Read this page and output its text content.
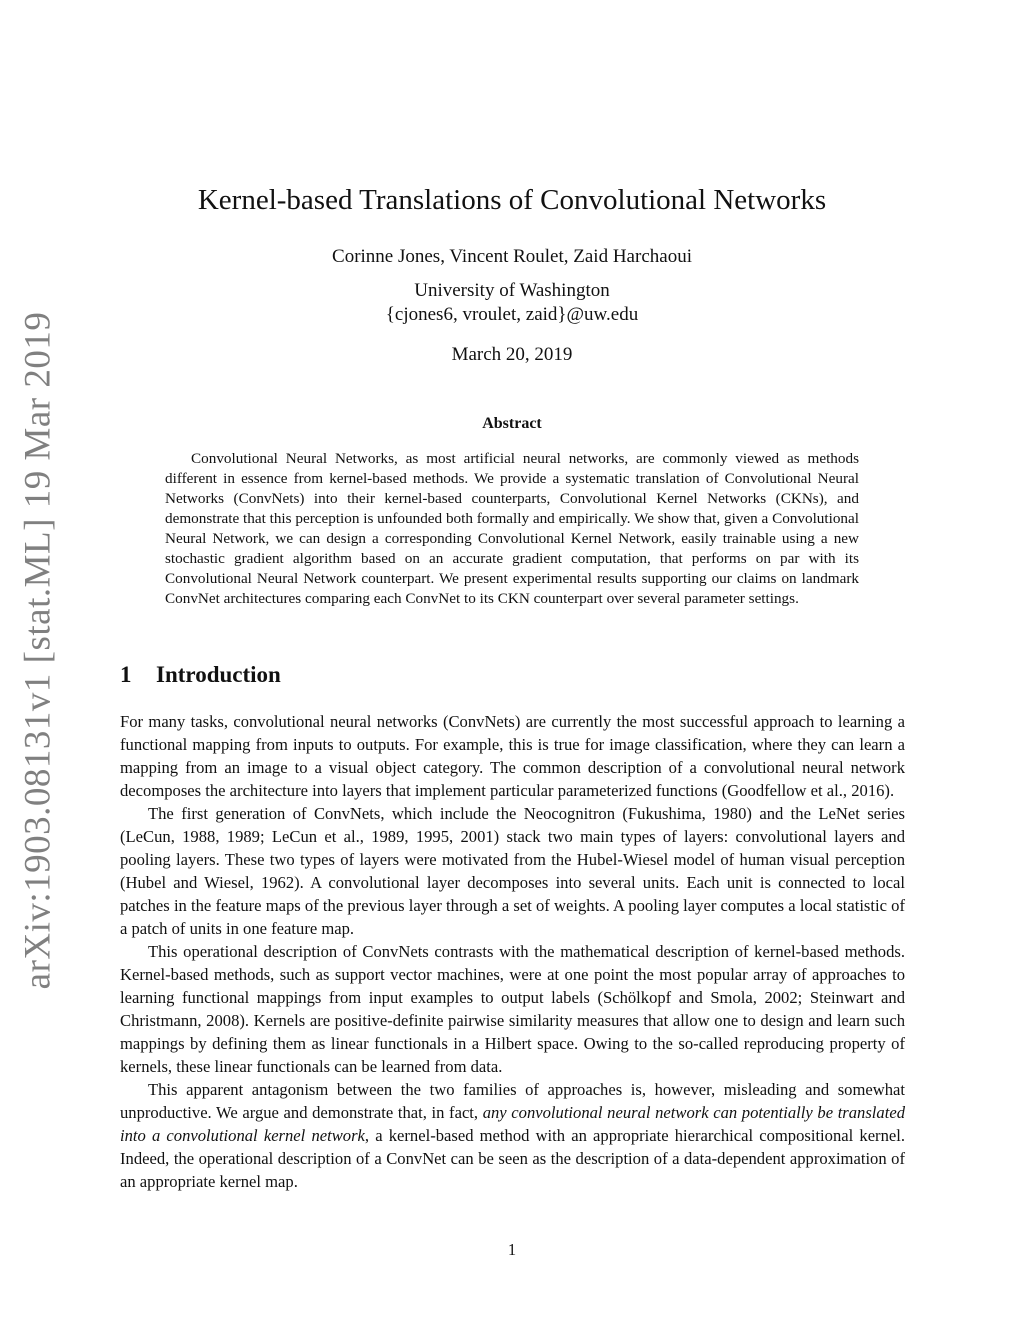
arXiv:1903.08131v1 [stat.ML] 19 Mar 2019
Kernel-based Translations of Convolutional Networks
Corinne Jones, Vincent Roulet, Zaid Harchaoui
University of Washington
{cjones6, vroulet, zaid}@uw.edu
March 20, 2019
Abstract

Convolutional Neural Networks, as most artificial neural networks, are commonly viewed as methods different in essence from kernel-based methods. We provide a systematic translation of Convolutional Neural Networks (ConvNets) into their kernel-based counterparts, Convolutional Kernel Networks (CKNs), and demonstrate that this perception is unfounded both formally and empirically. We show that, given a Convolutional Neural Network, we can design a corresponding Convolutional Kernel Network, easily trainable using a new stochastic gradient algorithm based on an accurate gradient computation, that performs on par with its Convolutional Neural Network counterpart. We present experimental results supporting our claims on landmark ConvNet architectures comparing each ConvNet to its CKN counterpart over several parameter settings.

1 Introduction

For many tasks, convolutional neural networks (ConvNets) are currently the most successful approach to learning a functional mapping from inputs to outputs. For example, this is true for image classification, where they can learn a mapping from an image to a visual object category. The common description of a convolutional neural network decomposes the architecture into layers that implement particular parameterized functions (Goodfellow et al., 2016).

The first generation of ConvNets, which include the Neocognitron (Fukushima, 1980) and the LeNet series (LeCun, 1988, 1989; LeCun et al., 1989, 1995, 2001) stack two main types of layers: convolutional layers and pooling layers. These two types of layers were motivated from the Hubel-Wiesel model of human visual perception (Hubel and Wiesel, 1962). A convolutional layer decomposes into several units. Each unit is connected to local patches in the feature maps of the previous layer through a set of weights. A pooling layer computes a local statistic of a patch of units in one feature map.

This operational description of ConvNets contrasts with the mathematical description of kernel-based methods. Kernel-based methods, such as support vector machines, were at one point the most popular array of approaches to learning functional mappings from input examples to output labels (Schölkopf and Smola, 2002; Steinwart and Christmann, 2008). Kernels are positive-definite pairwise similarity measures that allow one to design and learn such mappings by defining them as linear functionals in a Hilbert space. Owing to the so-called reproducing property of kernels, these linear functionals can be learned from data.

This apparent antagonism between the two families of approaches is, however, misleading and somewhat unproductive. We argue and demonstrate that, in fact, any convolutional neural network can potentially be translated into a convolutional kernel network, a kernel-based method with an appropriate hierarchical compositional kernel. Indeed, the operational description of a ConvNet can be seen as the description of a data-dependent approximation of an appropriate kernel map.

1
